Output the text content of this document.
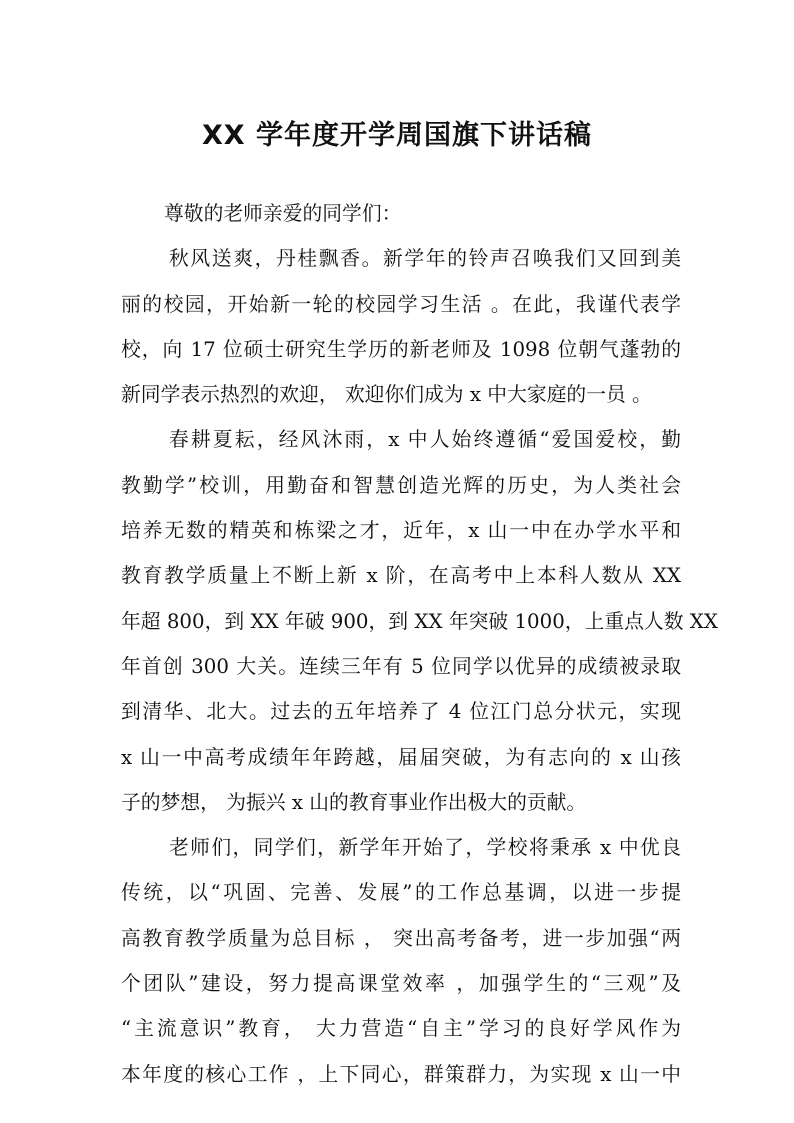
XX 学年度开学周国旗下讲话稿

尊敬的老师亲爱的同学们：

秋风送爽，丹桂飘香。新学年的铃声召唤我们又回到美
丽的校园，开始新一轮的校园学习生活 。在此，我谨代表学
校，向 17 位硕士研究生学历的新老师及 1098 位朝气蓬勃的
新同学表示热烈的欢迎， 欢迎你们成为 x 中大家庭的一员 。

春耕夏耘，经风沐雨，x 中人始终遵循“爱国爱校，勤
教勤学”校训，用勤奋和智慧创造光辉的历史，为人类社会
培养无数的精英和栋梁之才，近年，x 山一中在办学水平和
教育教学质量上不断上新 x 阶，在高考中上本科人数从 XX
年超 800，到 XX 年破 900，到 XX 年突破 1000，上重点人数 XX
年首创 300 大关。连续三年有 5 位同学以优异的成绩被录取
到清华、北大。过去的五年培养了 4 位江门总分状元，实现
x 山一中高考成绩年年跨越，届届突破，为有志向的 x 山孩
子的梦想， 为振兴 x 山的教育事业作出极大的贡献。

老师们，同学们，新学年开始了，学校将秉承 x 中优良
传统，以“巩固、完善、发展”的工作总基调，以进一步提
高教育教学质量为总目标 ， 突出高考备考，进一步加强“两
个团队”建设，努力提高课堂效率 ，加强学生的“三观”及
“主流意识”教育， 大力营造“自主”学习的良好学风作为
本年度的核心工作 ，上下同心，群策群力，为实现 x 山一中
